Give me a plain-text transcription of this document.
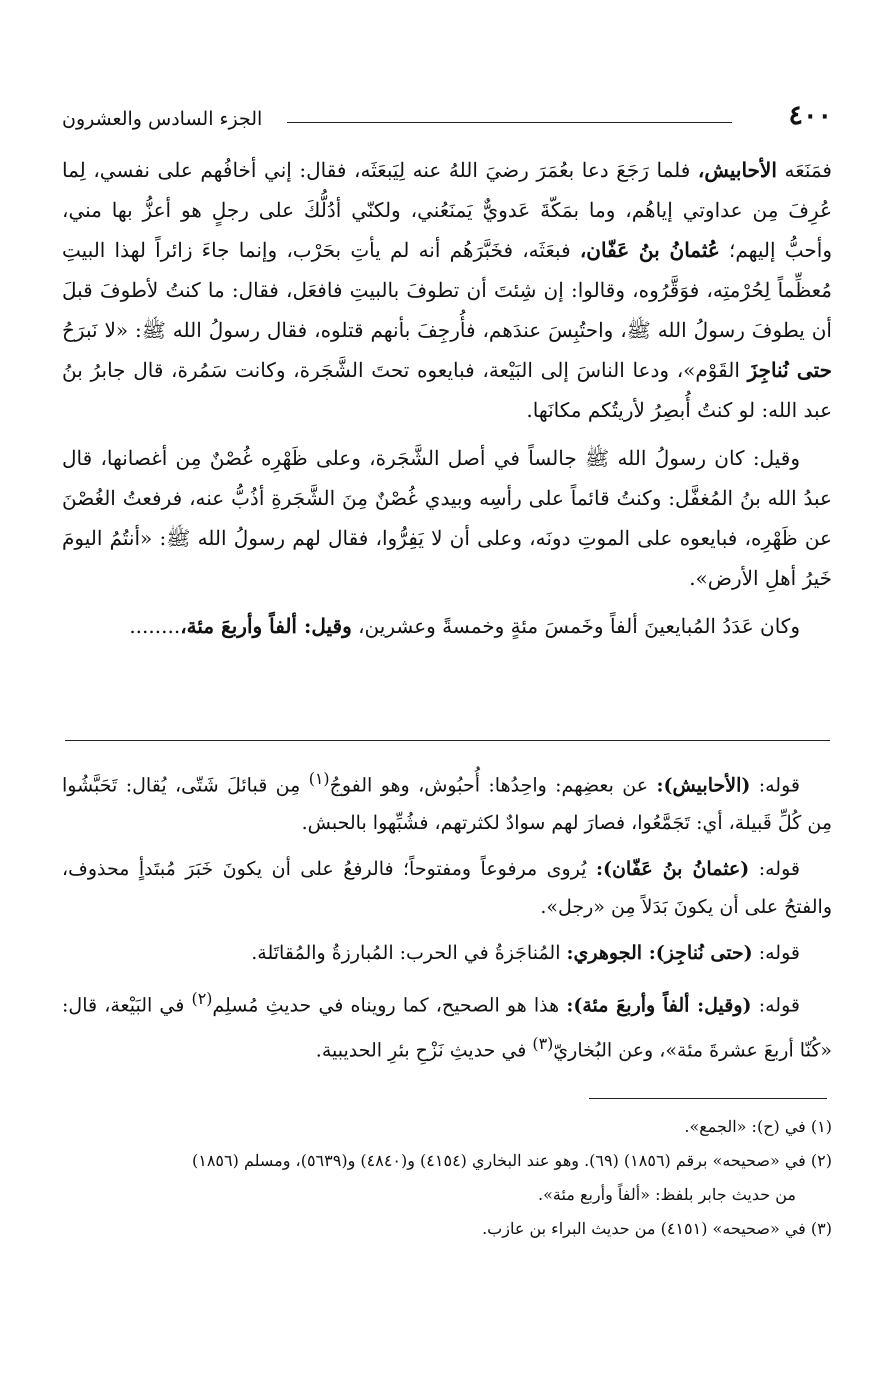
٤٠٠
الجزء السادس والعشرون

فمَنَعَه الأحابيش، فلما رَجَعَ دعا بعُمَرَ رضيَ اللهُ عنه لِيَبعَثَه، فقال: إني أخافُهم على نفسي، لِما عُرِفَ مِن عداوتي إياهُم، وما بمَكّةَ عَدويٌّ يَمنَعُني، ولكنّي أدُلُّكَ على رجلٍ هو أعزُّ بها مني، وأحبُّ إليهم؛ عُثمانُ بنُ عَفّان، فبعَثَه، فخَبَّرَهُم أنه لم يأتِ بحَرْب، وإنما جاءَ زائراً لهذا البيتِ مُعظِّماً لِحُرْمتِه، فوَقَّرُوه، وقالوا: إن شِئتَ أن تطوفَ بالبيتِ فافعَل، فقال: ما كنتُ لأطوفَ قبلَ أن يطوفَ رسولُ الله ﷺ، واحتُبِسَ عندَهم، فأُرجِفَ بأنهم قتلوه، فقال رسولُ الله ﷺ: «لا نَبرَحُ حتى نُناجِزَ القَوْم»، ودعا الناسَ إلى البَيْعة، فبايعوه تحتَ الشَّجَرة، وكانت سَمُرة، قال جابرُ بنُ عبد الله: لو كنتُ أُبصِرُ لأريتُكم مكانَها.

وقيل: كان رسولُ الله ﷺ جالساً في أصل الشَّجَرة، وعلى ظَهْرِه غُصْنٌ مِن أغصانها، قال عبدُ الله بنُ المُغفَّل: وكنتُ قائماً على رأسِه وبيدي غُصْنٌ مِنَ الشَّجَرةِ أذُبُّ عنه، فرفعتُ الغُصْنَ عن ظَهْرِه، فبايعوه على الموتِ دونَه، وعلى أن لا يَفِرُّوا، فقال لهم رسولُ الله ﷺ: «أنتُمُ اليومَ خَيرُ أهلِ الأرض».

وكان عَدَدُ المُبايعينَ ألفاً وخَمسَ مئةٍ وخمسةً وعشرين، وقيل: ألفاً وأربعَ مئة،........

قوله: (الأحابيش): عن بعضِهم: واحِدُها: أُحبُوش، وهو الفوجُ$^{(١)}$ مِن قبائلَ شَتّى، يُقال: تَحَبَّشُوا مِن كُلِّ قَبيلة، أي: تَجَمَّعُوا، فصارَ لهم سوادٌ لكثرتهم، فشُبِّهوا بالحبش.

قوله: (عثمانُ بنُ عَفّان): يُروى مرفوعاً ومفتوحاً؛ فالرفعُ على أن يكونَ خَبَرَ مُبتَدأٍ محذوف، والفتحُ على أن يكونَ بَدَلاً مِن «رجل».

قوله: (حتى نُناجِز): الجوهري: المُناجَزةُ في الحرب: المُبارزةُ والمُقاتَلة.

قوله: (وقيل: ألفاً وأربعَ مئة): هذا هو الصحيح، كما رويناه في حديثِ مُسلِم$^{(٢)}$ في البَيْعة، قال: «كُنّا أربعَ عشرةَ مئة»، وعن البُخاريّ$^{(٣)}$ في حديثِ نَزْحِ بئرِ الحديبية.

(١) في (ح): «الجمع».

(٢) في «صحيحه» برقم (١٨٥٦) (٦٩). وهو عند البخاري (٤١٥٤) و(٤٨٤٠) و(٥٦٣٩)، ومسلم (١٨٥٦)

من حديث جابر بلفظ: «ألفاً وأربع مئة».

(٣) في «صحيحه» (٤١٥١) من حديث البراء بن عازب.
